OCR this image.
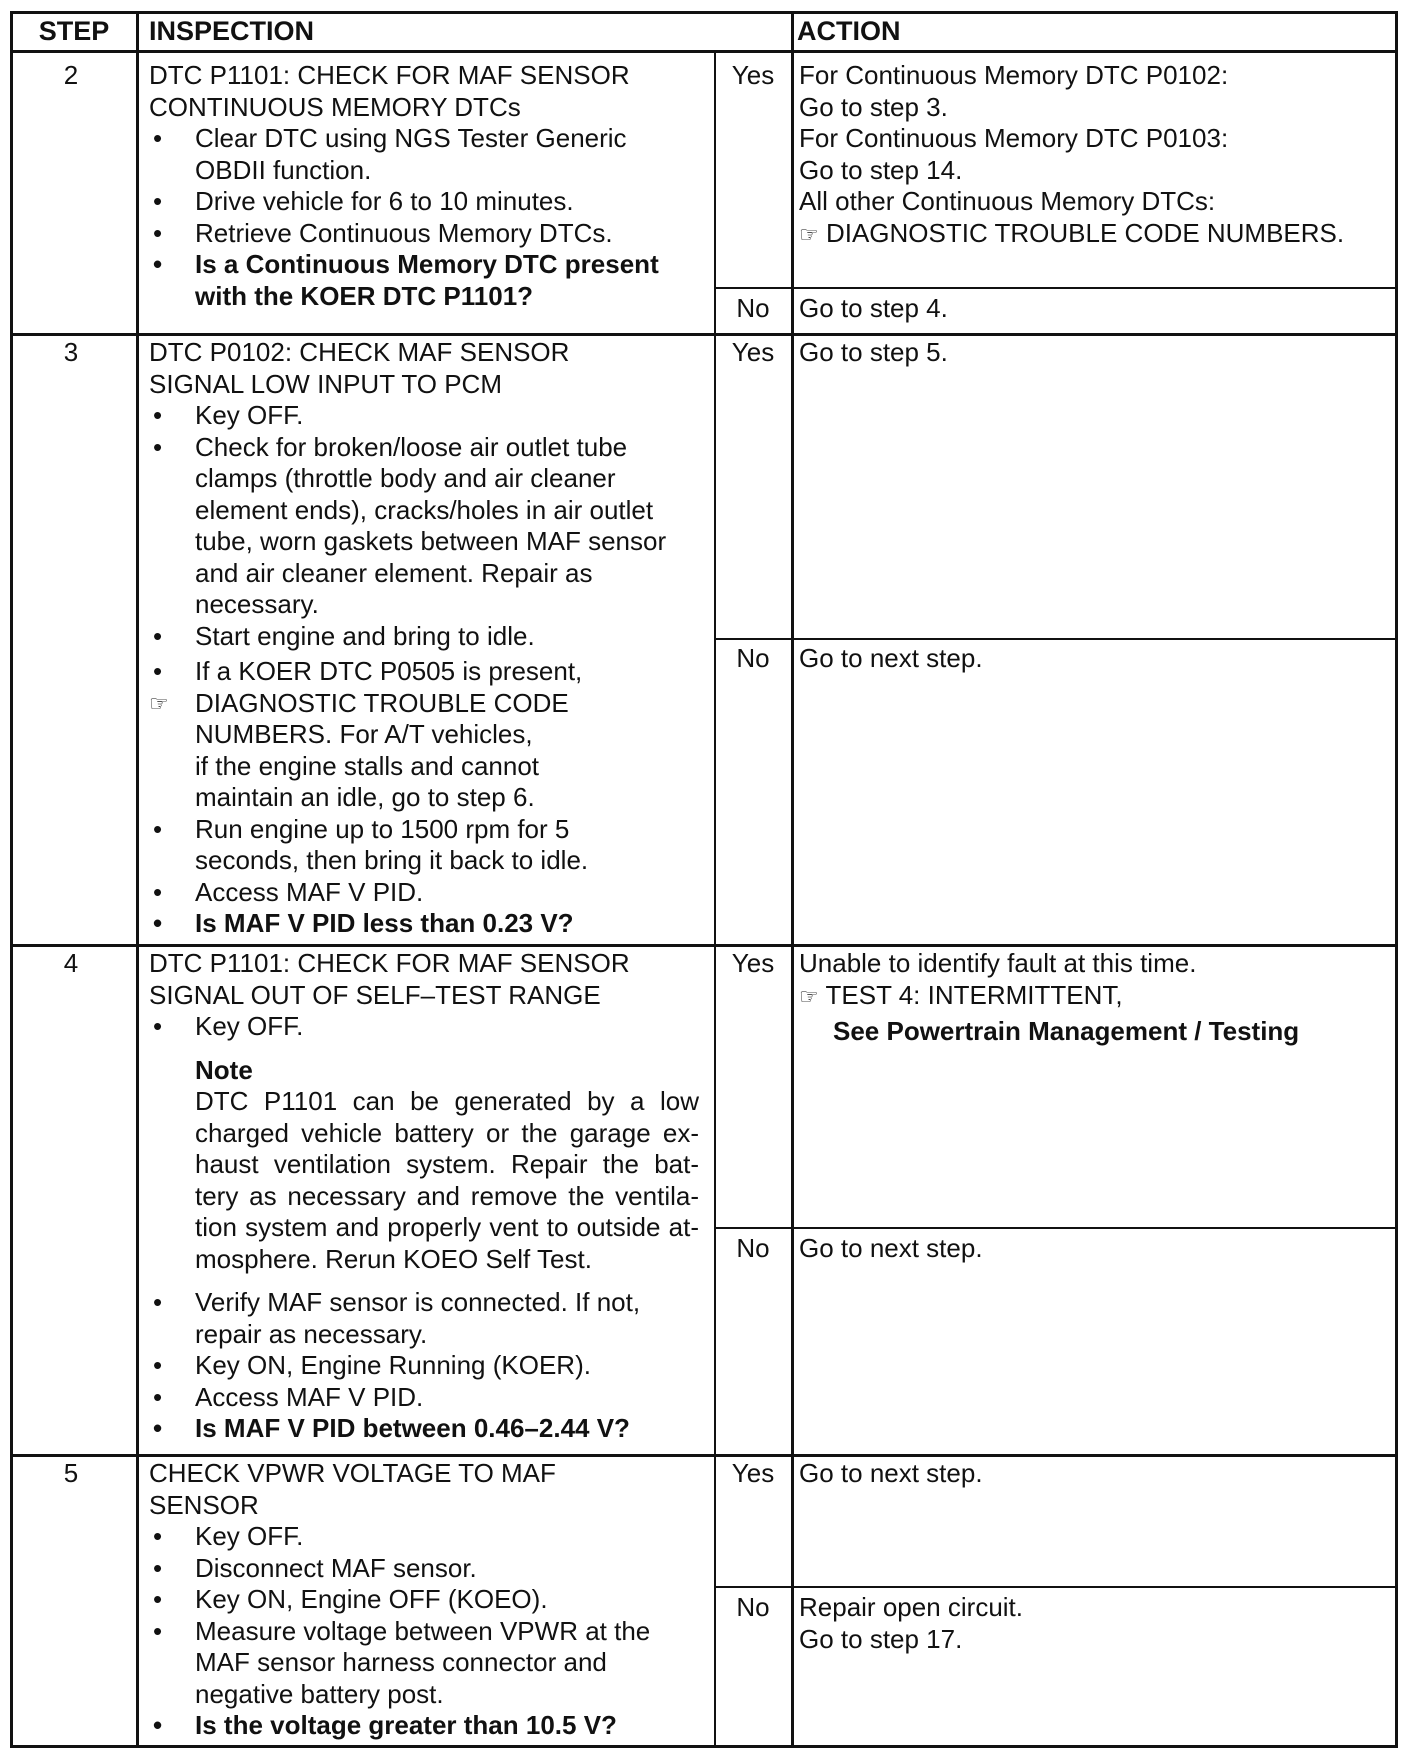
STEP	INSPECTION	ACTION
2	DTC P1101: CHECK FOR MAF SENSOR
CONTINUOUS MEMORY DTCs
•	Clear DTC using NGS Tester Generic
OBDII function.
•	Drive vehicle for 6 to 10 minutes.
•	Retrieve Continuous Memory DTCs.
•	Is a Continuous Memory DTC present
with the KOER DTC P1101?
Yes For Continuous Memory DTC P0102:
Go to step 3.
For Continuous Memory DTC P0103:
Go to step 14.
All other Continuous Memory DTCs:
☞ DIAGNOSTIC TROUBLE CODE NUMBERS.
No	Go to step 4.
3	DTC P0102: CHECK MAF SENSOR
SIGNAL LOW INPUT TO PCM
•	Key OFF.
•	Check for broken/loose air outlet tube
clamps (throttle body and air cleaner
element ends), cracks/holes in air outlet
tube, worn gaskets between MAF sensor
and air cleaner element. Repair as
necessary.
•	Start engine and bring to idle.
•	If a KOER DTC P0505 is present,
☞	DIAGNOSTIC TROUBLE CODE
NUMBERS. For A/T vehicles,
if the engine stalls and cannot
maintain an idle, go to step 6.
•	Run engine up to 1500 rpm for 5
seconds, then bring it back to idle.
•	Access MAF V PID.
•	Is MAF V PID less than 0.23 V?
Yes Go to step 5.
No	Go to next step.
4	DTC P1101: CHECK FOR MAF SENSOR
SIGNAL OUT OF SELF–TEST RANGE
•	Key OFF.
Note
DTC P1101 can be generated by a low
charged vehicle battery or the garage ex-
haust ventilation system. Repair the bat-
tery as necessary and remove the ventila-
tion system and properly vent to outside at-
mosphere. Rerun KOEO Self Test.
•	Verify MAF sensor is connected. If not,
repair as necessary.
•	Key ON, Engine Running (KOER).
•	Access MAF V PID.
•	Is MAF V PID between 0.46–2.44 V?
Yes Unable to identify fault at this time.
☞ TEST 4: INTERMITTENT,
See Powertrain Management / Testing
No	Go to next step.
5	CHECK VPWR VOLTAGE TO MAF
SENSOR
•	Key OFF.
•	Disconnect MAF sensor.
•	Key ON, Engine OFF (KOEO).
•	Measure voltage between VPWR at the
MAF sensor harness connector and
negative battery post.
•	Is the voltage greater than 10.5 V?
Yes Go to next step.
No	Repair open circuit.
Go to step 17.
